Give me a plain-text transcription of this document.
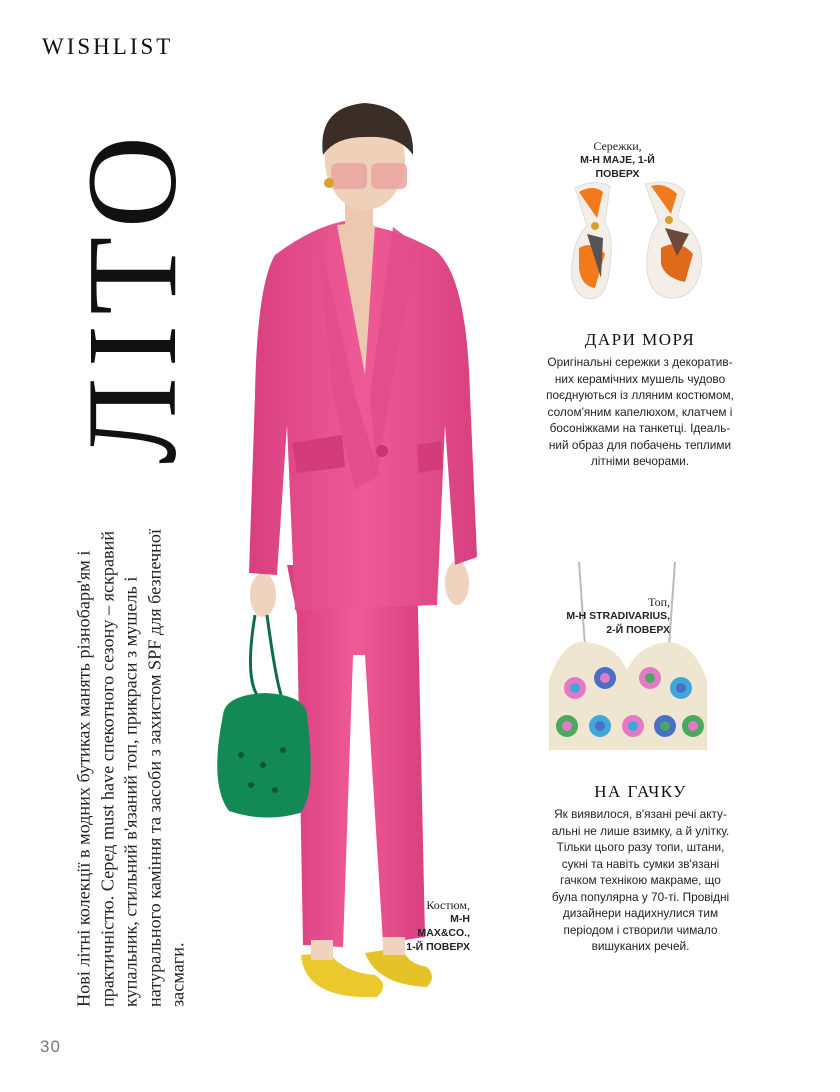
WISHLIST
ЛІТО

Нові літні колекції в модних бутиках манять різнобарв'ям і практичністю. Серед must have спекотного сезону – яскравий купальник, стильний в'язаний топ, прикраси з мушель і натурального каміння та засоби з захистом SPF для безпечної засмаги.

Костюм,
М-Н MAX&CO.,
1-Й ПОВЕРХ
Сережки,
М-Н MAJE, 1-Й ПОВЕРХ
ДАРИ МОРЯ
Оригінальні сережки з декоратив-них керамічних мушель чудово поєднуються із лляним костюмом, солом'яним капелюхом, клатчем і босоніжками на танкетці. Ідеаль-ний образ для побачень теплими літніми вечорами.
Топ,
М-Н STRADIVARIUS,
2-Й ПОВЕРХ
НА ГАЧКУ
Як виявилося, в'язані речі акту-альні не лише взимку, а й улітку. Тільки цього разу топи, штани, сукні та навіть сумки зв'язані гачком технікою макраме, що була популярна у 70-ті. Провідні дизайнери надихнулися тим періодом і створили чимало вишуканих речей.
30
